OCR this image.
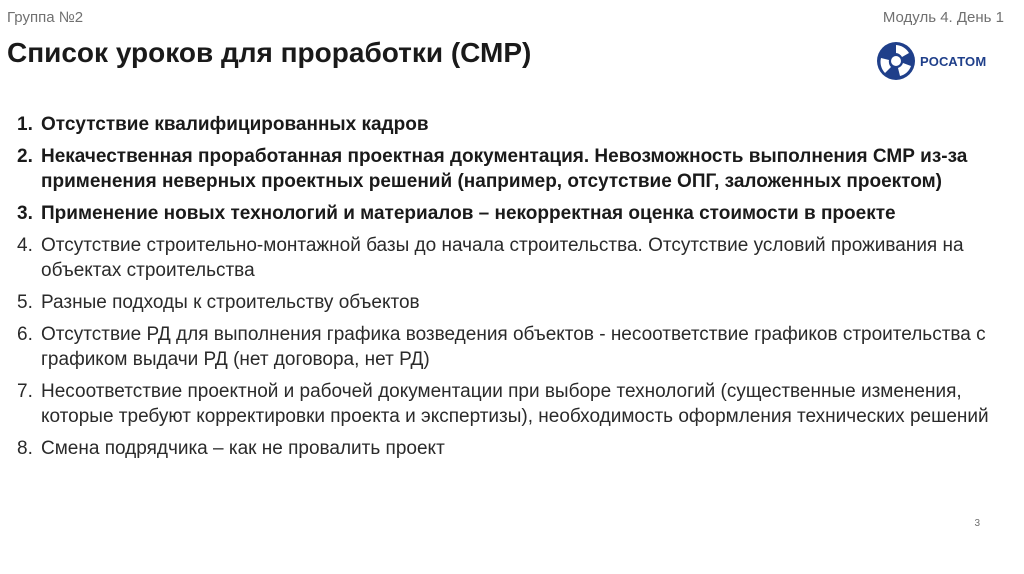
Группа №2	Модуль 4. День 1
Список уроков для проработки (СМР)	РОСАТОМ
1. Отсутствие квалифицированных кадров
2. Некачественная проработанная проектная документация. Невозможность выполнения СМР из-за применения неверных проектных решений (например, отсутствие ОПГ, заложенных проектом)
3. Применение новых технологий и материалов – некорректная оценка стоимости в проекте
4. Отсутствие строительно-монтажной базы до начала строительства. Отсутствие условий проживания на объектах строительства
5. Разные подходы к строительству объектов
6. Отсутствие РД для выполнения графика возведения объектов - несоответствие графиков строительства с графиком выдачи РД (нет договора, нет РД)
7. Несоответствие проектной и рабочей документации при выборе технологий (существенные изменения, которые требуют корректировки проекта и экспертизы), необходимость оформления технических решений
8. Смена подрядчика – как не провалить проект
3
